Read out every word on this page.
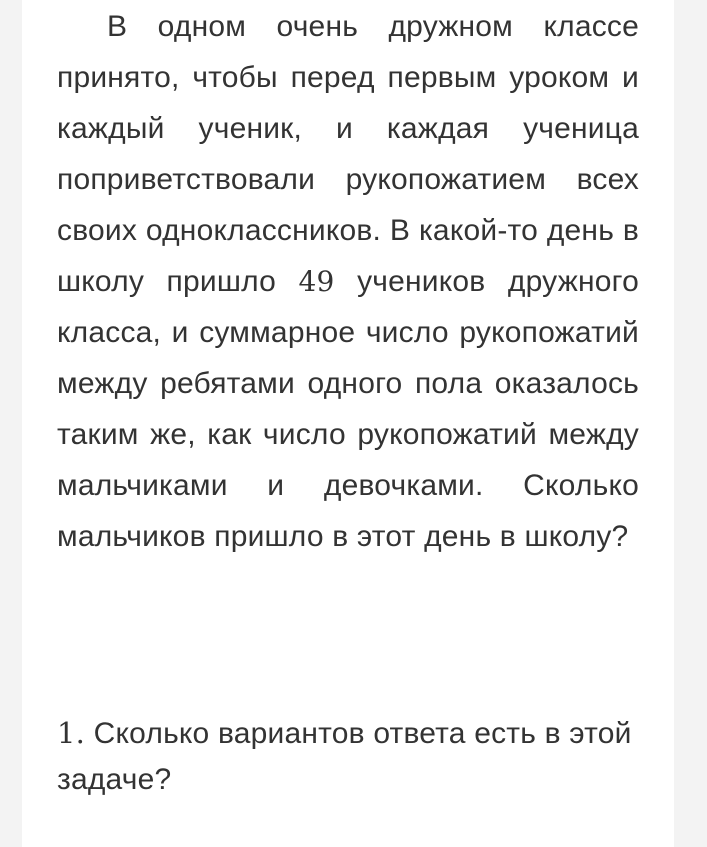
В одном очень дружном классе принято, чтобы перед первым уроком и каждый ученик, и каждая ученица поприветствовали рукопожатием всех своих одноклассников. В какой-то день в школу пришло 49 учеников дружного класса, и суммарное число рукопожатий между ребятами одного пола оказалось таким же, как число рукопожатий между мальчиками и девочками. Сколько мальчиков пришло в этот день в школу?

1. Сколько вариантов ответа есть в этой задаче?
